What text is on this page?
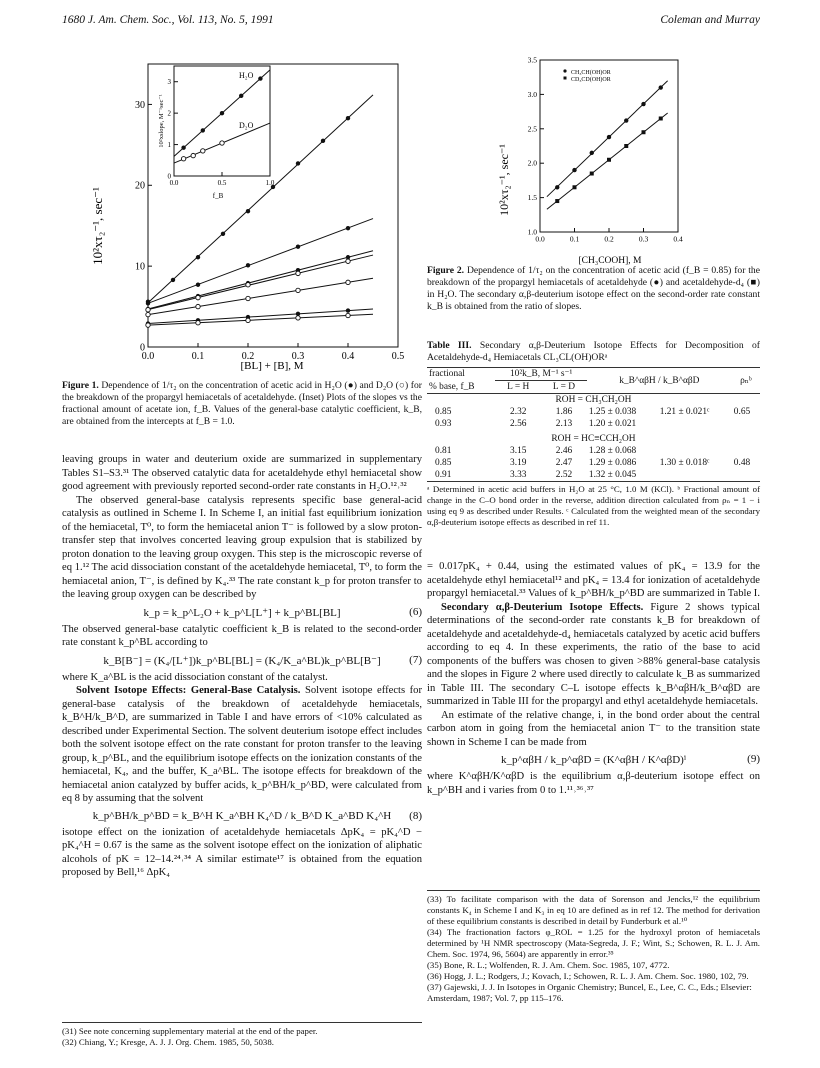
1680 J. Am. Chem. Soc., Vol. 113, No. 5, 1991	Coleman and Murray
0.0	0.1	0.2	0.3	0.4	0.5
0
10
20
30
0.0	0.5	1.0
0
1
2
3
H₂O
D₂O
f_B
10²xslope, M⁻¹sec⁻¹
10²xτ₂⁻¹, sec⁻¹
[BL] + [B], M

Figure 1. Dependence of 1/τ₂ on the concentration of acetic acid in H₂O (●) and D₂O (○) for the breakdown of the propargyl hemiacetals of acetaldehyde. (Inset) Plots of the slopes vs the fractional amount of acetate ion, f_B. Values of the general-base catalytic coefficient, k_B, are obtained from the intercepts at f_B = 1.0.

leaving groups in water and deuterium oxide are summarized in supplementary Tables S1–S3.³¹ The observed catalytic data for acetaldehyde ethyl hemiacetal show good agreement with previously reported second-order rate constants in H₂O.¹²˒³²

The observed general-base catalysis represents specific base general-acid catalysis as outlined in Scheme I. In Scheme I, an initial fast equilibrium ionization of the hemiacetal, T⁰, to form the hemiacetal anion T⁻ is followed by a slow proton-transfer step that involves concerted leaving group expulsion that is stabilized by proton donation to the leaving group oxygen. This step is the microscopic reverse of eq 1.¹² The acid dissociation constant of the acetaldehyde hemiacetal, T⁰, to form the hemiacetal anion, T⁻, is defined by K₄.³³ The rate constant k_p for proton transfer to the leaving group oxygen can be described by

k_p = k_p^L₂O + k_p^L[L⁺] + k_p^BL[BL]	(6)

The observed general-base catalytic coefficient k_B is related to the second-order rate constant k_p^BL according to

k_B[B⁻] = (K₄/[L⁺])k_p^BL[BL] = (K₄/K_a^BL)k_p^BL[B⁻]	(7)

where K_a^BL is the acid dissociation constant of the catalyst.

Solvent Isotope Effects: General-Base Catalysis. Solvent isotope effects for general-base catalysis of the breakdown of acetaldehyde hemiacetals, k_B^H/k_B^D, are summarized in Table I and have errors of <10% calculated as described under Experimental Section. The solvent deuterium isotope effect includes both the solvent isotope effect on the rate constant for proton transfer to the leaving group, k_p^BL, and the equilibrium isotope effects on the ionization constants of the hemiacetal, K₄, and the buffer, K_a^BL. The isotope effects for breakdown of the hemiacetal anion catalyzed by buffer acids, k_p^BH/k_p^BD, were calculated from eq 8 by assuming that the solvent

k_p^BH/k_p^BD = k_B^H K_a^BH K₄^D / k_B^D K_a^BD K₄^H (8)

isotope effect on the ionization of acetaldehyde hemiacetals ΔpK₄ = pK₄^D − pK₄^H = 0.67 is the same as the solvent isotope effect on the ionization of aliphatic alcohols of pK = 12–14.²⁴˒³⁴ A similar estimate¹⁷ is obtained from the equation proposed by Bell,¹⁶ ΔpK₄

(31) See note concerning supplementary material at the end of the paper.

(32) Chiang, Y.; Kresge, A. J. J. Org. Chem. 1985, 50, 5038.

0.0	0.1	0.2	0.3	0.4
1.0
1.5
2.0
2.5
3.0
3.5
10²xτ₂⁻¹, sec⁻¹
[CH₃COOH], M
CH₃CH(OH)OR
CD₃CD(OH)OR

Figure 2. Dependence of 1/τ₂ on the concentration of acetic acid (f_B = 0.85) for the breakdown of the propargyl hemiacetals of acetaldehyde (●) and acetaldehyde-d₄ (■) in H₂O. The secondary α,β-deuterium isotope effect on the second-order rate constant k_B is obtained from the ratio of slopes.

Table III. Secondary α,β-Deuterium Isotope Effects for Decomposition of Acetaldehyde-d₄ Hemiacetals CL₃CL(OH)ORᵃ

fractional	10²k_B, M⁻¹ s⁻¹		k_B^αβH / k_B^αβD		ρₙᵇ
% base, f_B	L = H	L = D			
ROH = CH₃CH₂OH					
0.85	2.32	1.86	1.25 ± 0.038	1.21 ± 0.021ᶜ	0.65
0.93	2.56	2.13	1.20 ± 0.021		
ROH = HC≡CCH₂OH					
0.81	3.15	2.46	1.28 ± 0.068		
0.85	3.19	2.47	1.29 ± 0.086	1.30 ± 0.018ᶜ	0.48
0.91	3.33	2.52	1.32 ± 0.045		

ᵃ Determined in acetic acid buffers in H₂O at 25 °C, 1.0 M (KCl). ᵇ Fractional amount of change in the C–O bond order in the reverse, addition direction calculated from ρₙ = 1 − i using eq 9 as described under Results. ᶜ Calculated from the weighted mean of the secondary α,β-deuterium isotope effects as described in ref 11.

= 0.017pK₄ + 0.44, using the estimated values of pK₄ = 13.9 for the acetaldehyde ethyl hemiacetal¹² and pK₄ = 13.4 for ionization of acetaldehyde propargyl hemiacetal.³³ Values of k_p^BH/k_p^BD are summarized in Table I.

Secondary α,β-Deuterium Isotope Effects. Figure 2 shows typical determinations of the second-order rate constants k_B for breakdown of acetaldehyde and acetaldehyde-d₄ hemiacetals catalyzed by acetic acid buffers according to eq 4. In these experiments, the ratio of the base to acid components of the buffers was chosen to given >88% general-base catalysis and the slopes in Figure 2 where used directly to calculate k_B as summarized in Table III. The secondary C–L isotope effects k_B^αβH/k_B^αβD are summarized in Table III for the propargyl and ethyl acetaldehyde hemiacetals.

An estimate of the relative change, i, in the bond order about the central carbon atom in going from the hemiacetal anion T⁻ to the transition state shown in Scheme I can be made from

k_p^αβH / k_p^αβD = (K^αβH / K^αβD)ⁱ	(9)

where K^αβH/K^αβD is the equilibrium α,β-deuterium isotope effect on k_p^BH and i varies from 0 to 1.¹¹˒³⁶˒³⁷

(33) To facilitate comparison with the data of Sorenson and Jencks,¹² the equilibrium constants K₄ in Scheme I and K₃ in eq 10 are defined as in ref 12. The method for derivation of these equilibrium constants is described in detail by Funderburk et al.¹⁰

(34) The fractionation factors φ_ROL = 1.25 for the hydroxyl proton of hemiacetals determined by ¹H NMR spectroscopy (Mata-Segreda, J. F.; Wint, S.; Schowen, R. L. J. Am. Chem. Soc. 1974, 96, 5604) are apparently in error.³⁵

(35) Bone, R. L.; Wolfenden, R. J. Am. Chem. Soc. 1985, 107, 4772.

(36) Hogg, J. L.; Rodgers, J.; Kovach, I.; Schowen, R. L. J. Am. Chem. Soc. 1980, 102, 79.

(37) Gajewski, J. J. In Isotopes in Organic Chemistry; Buncel, E., Lee, C. C., Eds.; Elsevier: Amsterdam, 1987; Vol. 7, pp 115–176.
